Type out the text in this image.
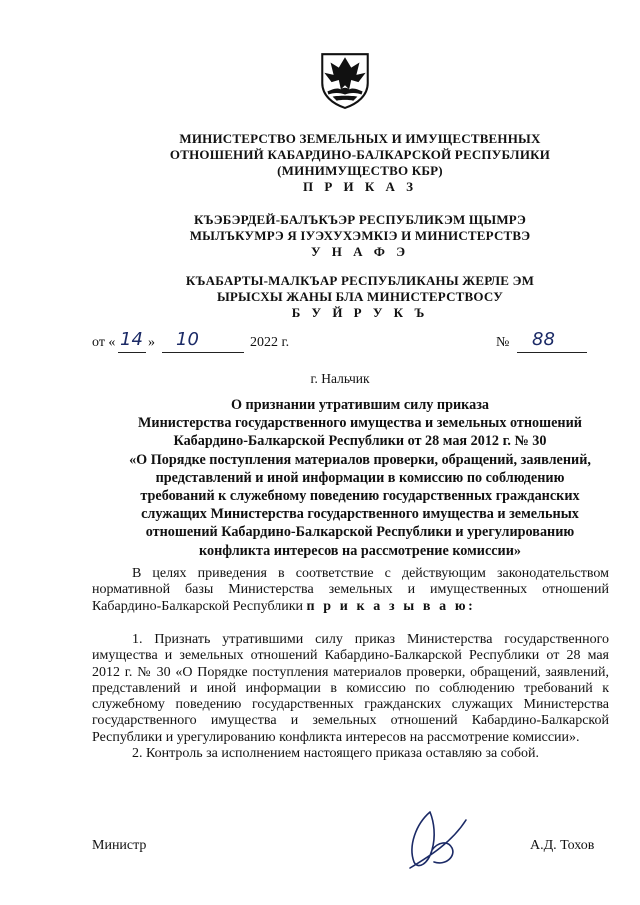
МИНИСТЕРСТВО ЗЕМЕЛЬНЫХ И ИМУЩЕСТВЕННЫХ
ОТНОШЕНИЙ КАБАРДИНО-БАЛКАРСКОЙ РЕСПУБЛИКИ
(МИНИМУЩЕСТВО КБР)
П Р И К А З
КЪЭБЭРДЕЙ-БАЛЪКЪЭР РЕСПУБЛИКЭМ ЩЫМРЭ
МЫЛЪКУМРЭ Я ІУЭХУХЭМКІЭ И МИНИСТЕРСТВЭ
У Н А Ф Э
КЪАБАРТЫ-МАЛКЪАР РЕСПУБЛИКАНЫ ЖЕРЛЕ ЭМ
ЫРЫСХЫ ЖАНЫ БЛА МИНИСТЕРСТВОСУ
Б У Й Р У К Ъ
от « 14 » 10	2022 г.	№ 88
г. Нальчик
О признании утратившим силу приказа
Министерства государственного имущества и земельных отношений
Кабардино-Балкарской Республики от 28 мая 2012 г. № 30
«О Порядке поступления материалов проверки, обращений, заявлений,
представлений и иной информации в комиссию по соблюдению
требований к служебному поведению государственных гражданских
служащих Министерства государственного имущества и земельных
отношений Кабардино-Балкарской Республики и урегулированию
конфликта интересов на рассмотрение комиссии»

В целях приведения в соответствие с действующим законодательством нормативной базы Министерства земельных и имущественных отношений Кабардино-Балкарской Республики п р и к а з ы в а ю:

1. Признать утратившими силу приказ Министерства государственного имущества и земельных отношений Кабардино-Балкарской Республики от 28 мая 2012 г. № 30 «О Порядке поступления материалов проверки, обращений, заявлений, представлений и иной информации в комиссию по соблюдению требований к служебному поведению государственных гражданских служащих Министерства государственного имущества и земельных отношений Кабардино-Балкарской Республики и урегулированию конфликта интересов на рассмотрение комиссии».

2. Контроль за исполнением настоящего приказа оставляю за собой.

Министр	А.Д. Тохов
